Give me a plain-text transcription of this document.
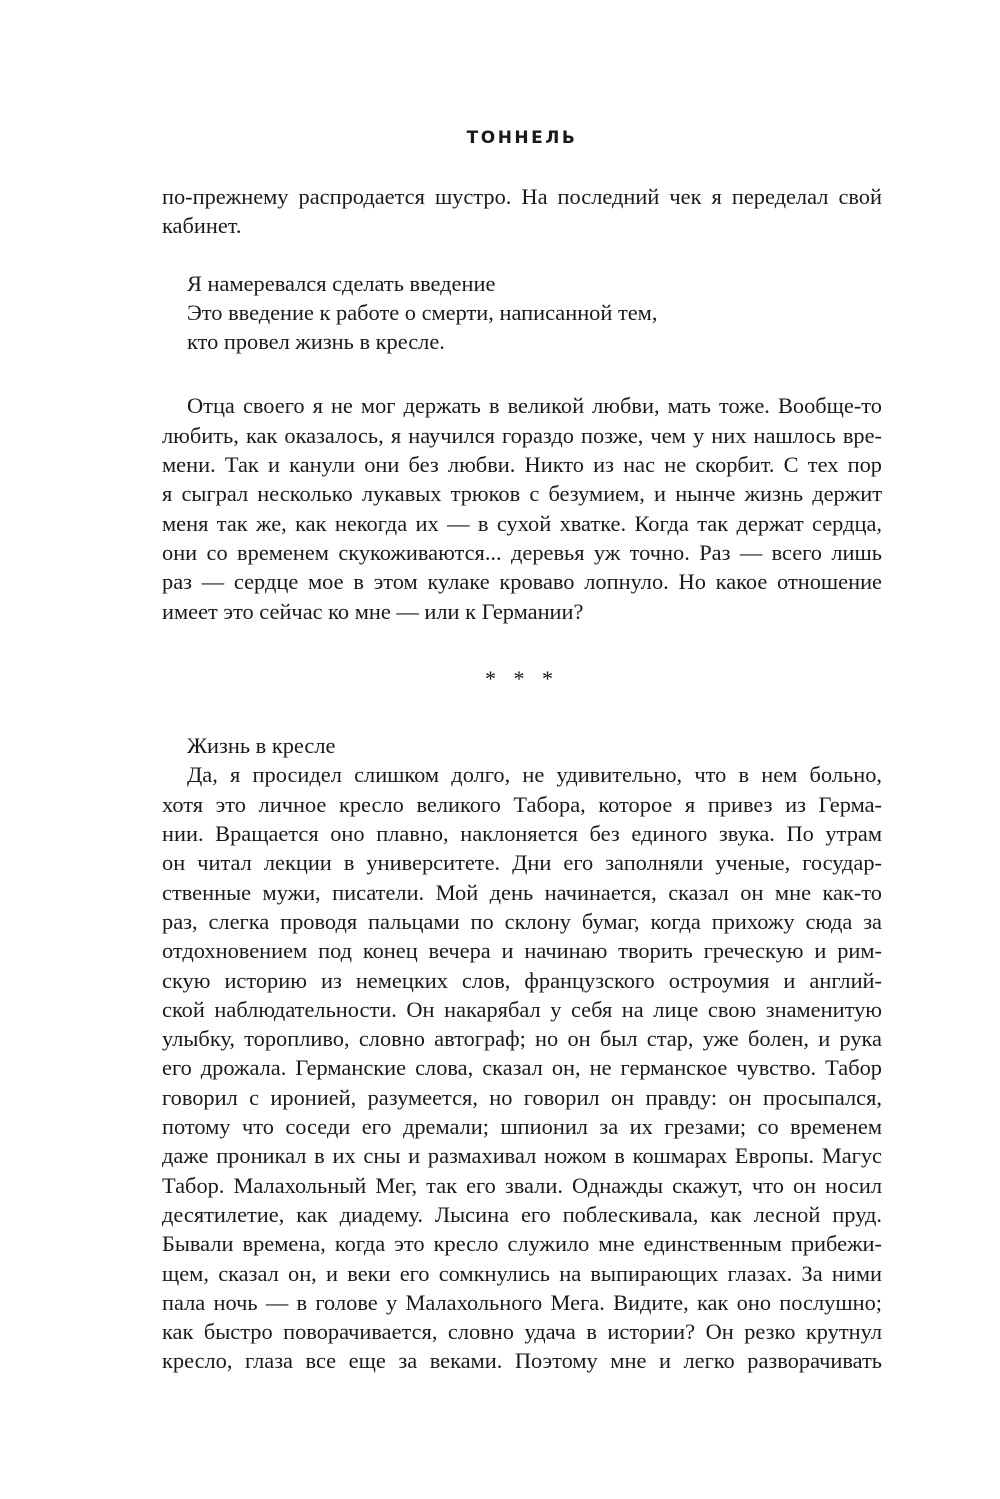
ТОННЕЛЬ
по-прежнему распродается шустро. На последний чек я переделал свой
кабинет.
Я намеревался сделать введение
Это введение к работе о смерти, написанной тем,
кто провел жизнь в кресле.
Отца своего я не мог держать в великой любви, мать тоже. Вообще-то
любить, как оказалось, я научился гораздо позже, чем у них нашлось вре-
мени. Так и канули они без любви. Никто из нас не скорбит. С тех пор
я сыграл несколько лукавых трюков с безумием, и нынче жизнь держит
меня так же, как некогда их — в сухой хватке. Когда так держат сердца,
они со временем скукоживаются... деревья уж точно. Раз — всего лишь
раз — сердце мое в этом кулаке кроваво лопнуло. Но какое отношение
имеет это сейчас ко мне — или к Германии?
* * *
Жизнь в кресле
Да, я просидел слишком долго, не удивительно, что в нем больно,
хотя это личное кресло великого Табора, которое я привез из Герма-
нии. Вращается оно плавно, наклоняется без единого звука. По утрам
он читал лекции в университете. Дни его заполняли ученые, государ-
ственные мужи, писатели. Мой день начинается, сказал он мне как-то
раз, слегка проводя пальцами по склону бумаг, когда прихожу сюда за
отдохновением под конец вечера и начинаю творить греческую и рим-
скую историю из немецких слов, французского остроумия и англий-
ской наблюдательности. Он накарябал у себя на лице свою знаменитую
улыбку, торопливо, словно автограф; но он был стар, уже болен, и рука
его дрожала. Германские слова, сказал он, не германское чувство. Табор
говорил с иронией, разумеется, но говорил он правду: он просыпался,
потому что соседи его дремали; шпионил за их грезами; со временем
даже проникал в их сны и размахивал ножом в кошмарах Европы. Магус
Табор. Малахольный Мег, так его звали. Однажды скажут, что он носил
десятилетие, как диадему. Лысина его поблескивала, как лесной пруд.
Бывали времена, когда это кресло служило мне единственным прибежи-
щем, сказал он, и веки его сомкнулись на выпирающих глазах. За ними
пала ночь — в голове у Малахольного Мега. Видите, как оно послушно;
как быстро поворачивается, словно удача в истории? Он резко крутнул
кресло, глаза все еще за веками. Поэтому мне и легко разворачивать
